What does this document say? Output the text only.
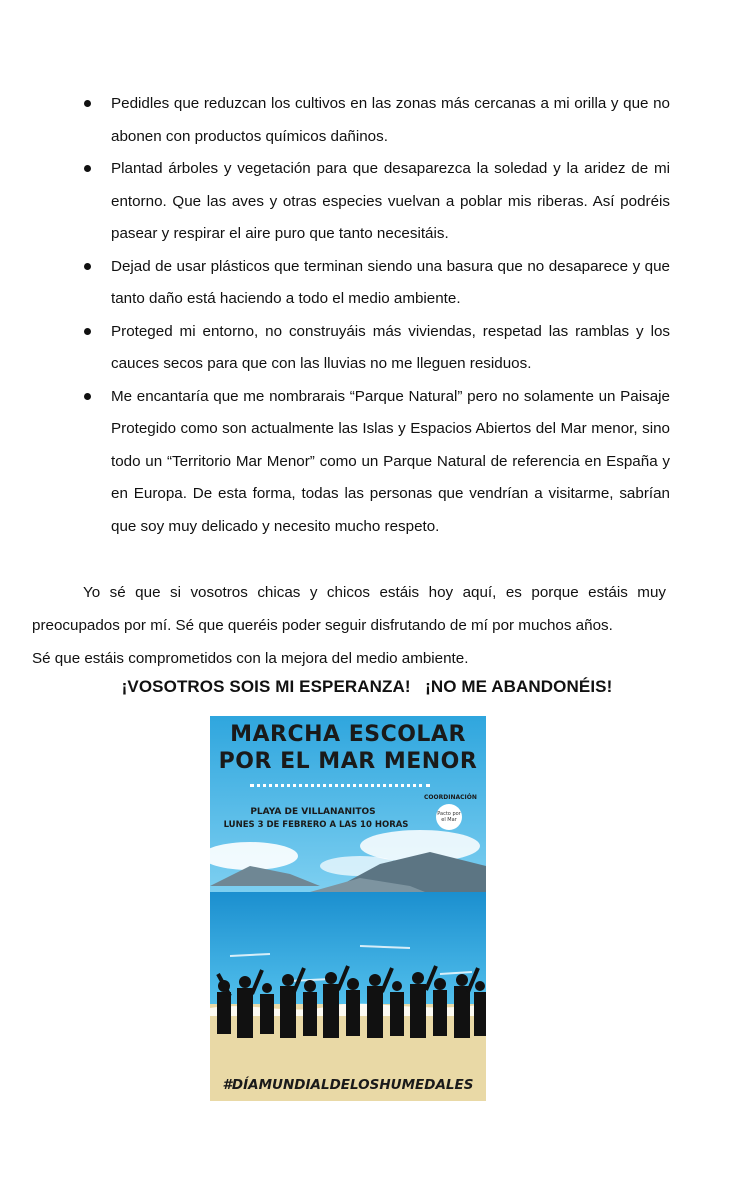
Pedidles que reduzcan los cultivos en las zonas más cercanas a mi orilla y que no abonen con productos químicos dañinos.
Plantad árboles y vegetación para que desaparezca la soledad y la aridez de mi entorno. Que las aves y otras especies vuelvan a poblar mis riberas. Así podréis pasear y respirar el aire puro que tanto necesitáis.
Dejad de usar plásticos que terminan siendo una basura que no desaparece y que tanto daño está haciendo a todo el medio ambiente.
Proteged mi entorno, no construyáis más viviendas, respetad las ramblas y los cauces secos para que con las lluvias no me lleguen residuos.
Me encantaría que me nombrarais “Parque Natural” pero no solamente un Paisaje Protegido como son actualmente las Islas y Espacios Abiertos del Mar menor, sino todo un “Territorio Mar Menor” como un Parque Natural de referencia en España y en Europa. De esta forma, todas las personas que vendrían a visitarme, sabrían que soy muy delicado y necesito mucho respeto.

Yo sé que si vosotros chicas y chicos estáis hoy aquí, es porque estáis muy preocupados por mí. Sé que queréis poder seguir disfrutando de mí por muchos años.

Sé que estáis comprometidos con la mejora del medio ambiente.

¡VOSOTROS SOIS MI ESPERANZA!   ¡NO ME ABANDONÉIS!
MARCHA ESCOLAR
POR EL MAR MENOR
COORDINACIÓN
PLAYA DE VILLANANITOS
LUNES 3 DE FEBRERO A LAS 10 HORAS
Pacto por el Mar
#DÍAMUNDIALDELOSHUMEDALES
